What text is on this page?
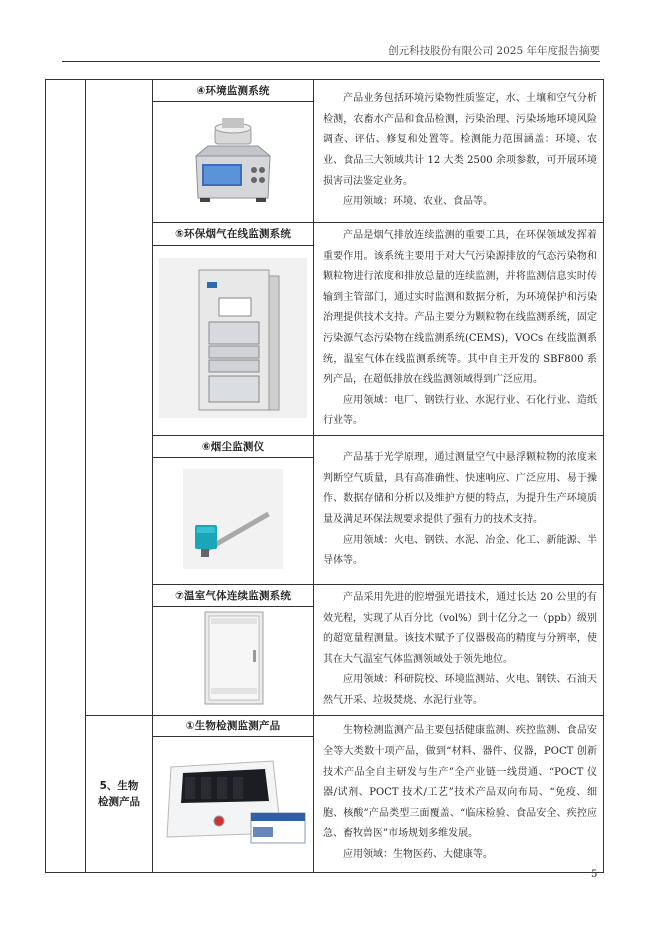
创元科技股份有限公司 2025 年年度报告摘要
		④环境监测系统	产品业务包括环境污染物性质鉴定，水、土壤和空气分析检测，农畜水产品和食品检测，污染治理、污染场地环境风险调查、评估、修复和处置等。检测能力范围涵盖：环境、农业、食品三大领域共计 12 大类 2500 余项参数，可开展环境损害司法鉴定业务。

应用领域：环境、农业、食品等。

		⑤环保烟气在线监测系统	产品是烟气排放连续监测的重要工具，在环保领域发挥着重要作用。该系统主要用于对大气污染源排放的气态污染物和颗粒物进行浓度和排放总量的连续监测，并将监测信息实时传输到主管部门，通过实时监测和数据分析，为环境保护和污染治理提供技术支持。产品主要分为颗粒物在线监测系统，固定污染源气态污染物在线监测系统(CEMS)，VOCs 在线监测系统，温室气体在线监测系统等。其中自主开发的 SBF800 系列产品，在超低排放在线监测领域得到广泛应用。

应用领域：电厂、钢铁行业、水泥行业、石化行业、造纸行业等。

		⑥烟尘监测仪	产品基于光学原理，通过测量空气中悬浮颗粒物的浓度来判断空气质量，具有高准确性、快速响应、广泛应用、易于操作、数据存储和分析以及维护方便的特点，为提升生产环境质量及满足环保法规要求提供了强有力的技术支持。

应用领域：火电、钢铁、水泥、冶金、化工、新能源、半导体等。

		⑦温室气体连续监测系统	产品采用先进的腔增强光谱技术，通过长达 20 公里的有效光程，实现了从百分比（vol%）到十亿分之一（ppb）级别的超宽量程测量。该技术赋予了仪器极高的精度与分辨率，使其在大气温室气体监测领域处于领先地位。

应用领域：科研院校、环境监测站、火电、钢铁、石油天然气开采、垃圾焚烧、水泥行业等。

	5、生物检测产品	①生物检测监测产品	生物检测监测产品主要包括健康监测、疾控监测、食品安全等大类数十项产品，做到“材料、器件、仪器，POCT 创新技术产品全自主研发与生产”全产业链一线贯通、“POCT 仪器/试剂、POCT 技术/工艺”技术产品双向布局、“免疫、细胞、核酸”产品类型三面覆盖、“临床检验、食品安全、疾控应急、畜牧兽医”市场规划多维发展。

应用领域：生物医药、大健康等。

5
